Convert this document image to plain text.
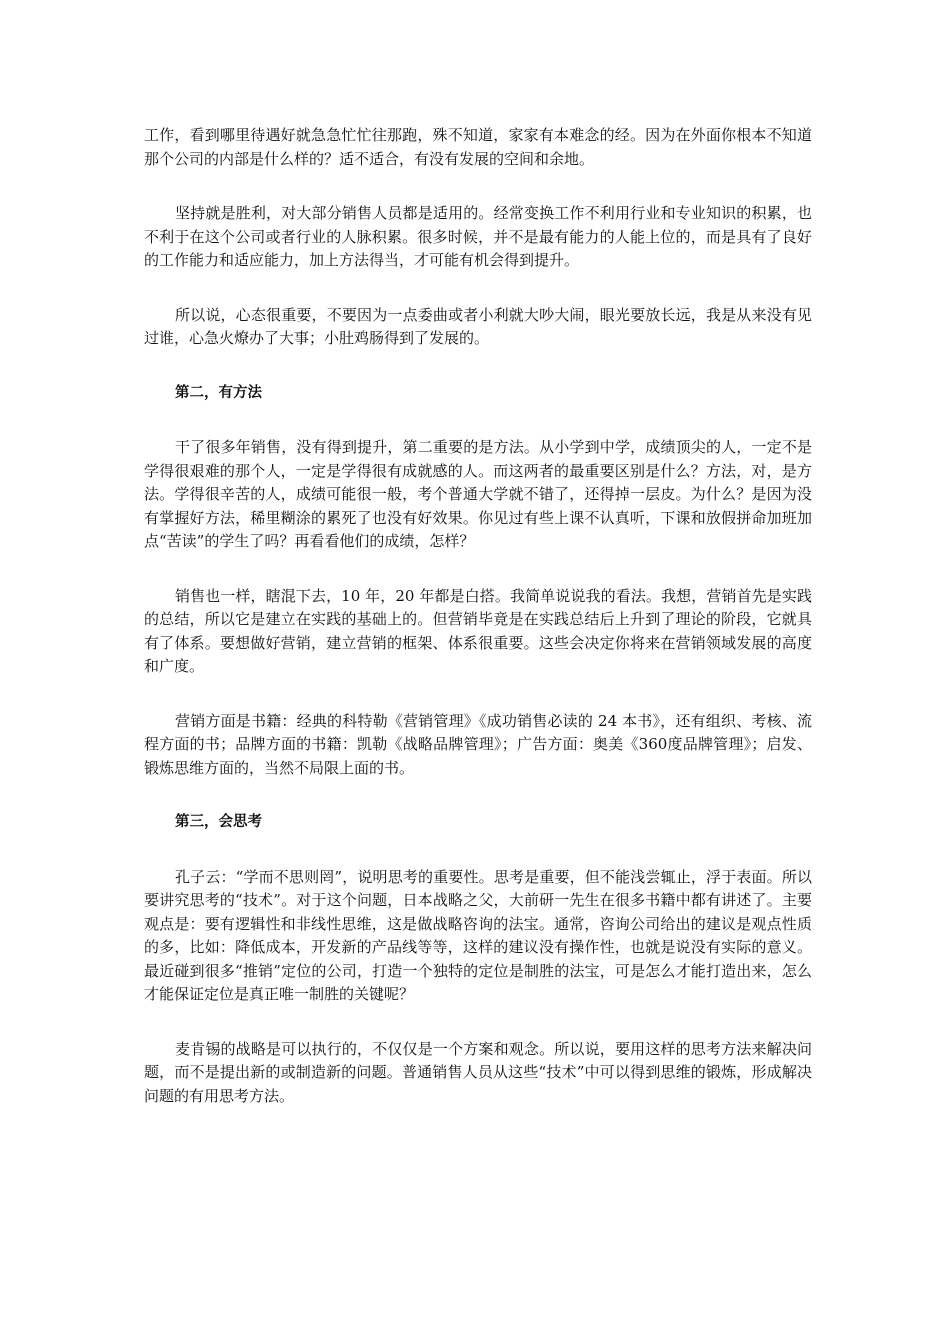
工作，看到哪里待遇好就急急忙忙往那跑，殊不知道，家家有本难念的经。因为在外面你根本不知道那个公司的内部是什么样的？适不适合，有没有发展的空间和余地。

坚持就是胜利，对大部分销售人员都是适用的。经常变换工作不利用行业和专业知识的积累，也不利于在这个公司或者行业的人脉积累。很多时候，并不是最有能力的人能上位的，而是具有了良好的工作能力和适应能力，加上方法得当，才可能有机会得到提升。

所以说，心态很重要，不要因为一点委曲或者小利就大吵大闹，眼光要放长远，我是从来没有见过谁，心急火燎办了大事；小肚鸡肠得到了发展的。

第二，有方法

干了很多年销售，没有得到提升，第二重要的是方法。从小学到中学，成绩顶尖的人，一定不是学得很艰难的那个人，一定是学得很有成就感的人。而这两者的最重要区别是什么？方法，对，是方法。学得很辛苦的人，成绩可能很一般，考个普通大学就不错了，还得掉一层皮。为什么？是因为没有掌握好方法，稀里糊涂的累死了也没有好效果。你见过有些上课不认真听，下课和放假拼命加班加点“苦读”的学生了吗？再看看他们的成绩，怎样？

销售也一样，瞎混下去，10 年，20 年都是白搭。我简单说说我的看法。我想，营销首先是实践的总结，所以它是建立在实践的基础上的。但营销毕竟是在实践总结后上升到了理论的阶段，它就具有了体系。要想做好营销，建立营销的框架、体系很重要。这些会决定你将来在营销领域发展的高度和广度。

营销方面是书籍：经典的科特勒《营销管理》《成功销售必读的 24 本书》，还有组织、考核、流程方面的书；品牌方面的书籍：凯勒《战略品牌管理》；广告方面：奥美《360度品牌管理》；启发、锻炼思维方面的，当然不局限上面的书。

第三，会思考

孔子云：“学而不思则罔”，说明思考的重要性。思考是重要，但不能浅尝辄止，浮于表面。所以要讲究思考的“技术”。对于这个问题，日本战略之父，大前研一先生在很多书籍中都有讲述了。主要观点是：要有逻辑性和非线性思维，这是做战略咨询的法宝。通常，咨询公司给出的建议是观点性质的多，比如：降低成本，开发新的产品线等等，这样的建议没有操作性，也就是说没有实际的意义。最近碰到很多“推销”定位的公司，打造一个独特的定位是制胜的法宝，可是怎么才能打造出来，怎么才能保证定位是真正唯一制胜的关键呢？

麦肯锡的战略是可以执行的，不仅仅是一个方案和观念。所以说，要用这样的思考方法来解决问题，而不是提出新的或制造新的问题。普通销售人员从这些“技术”中可以得到思维的锻炼，形成解决问题的有用思考方法。
